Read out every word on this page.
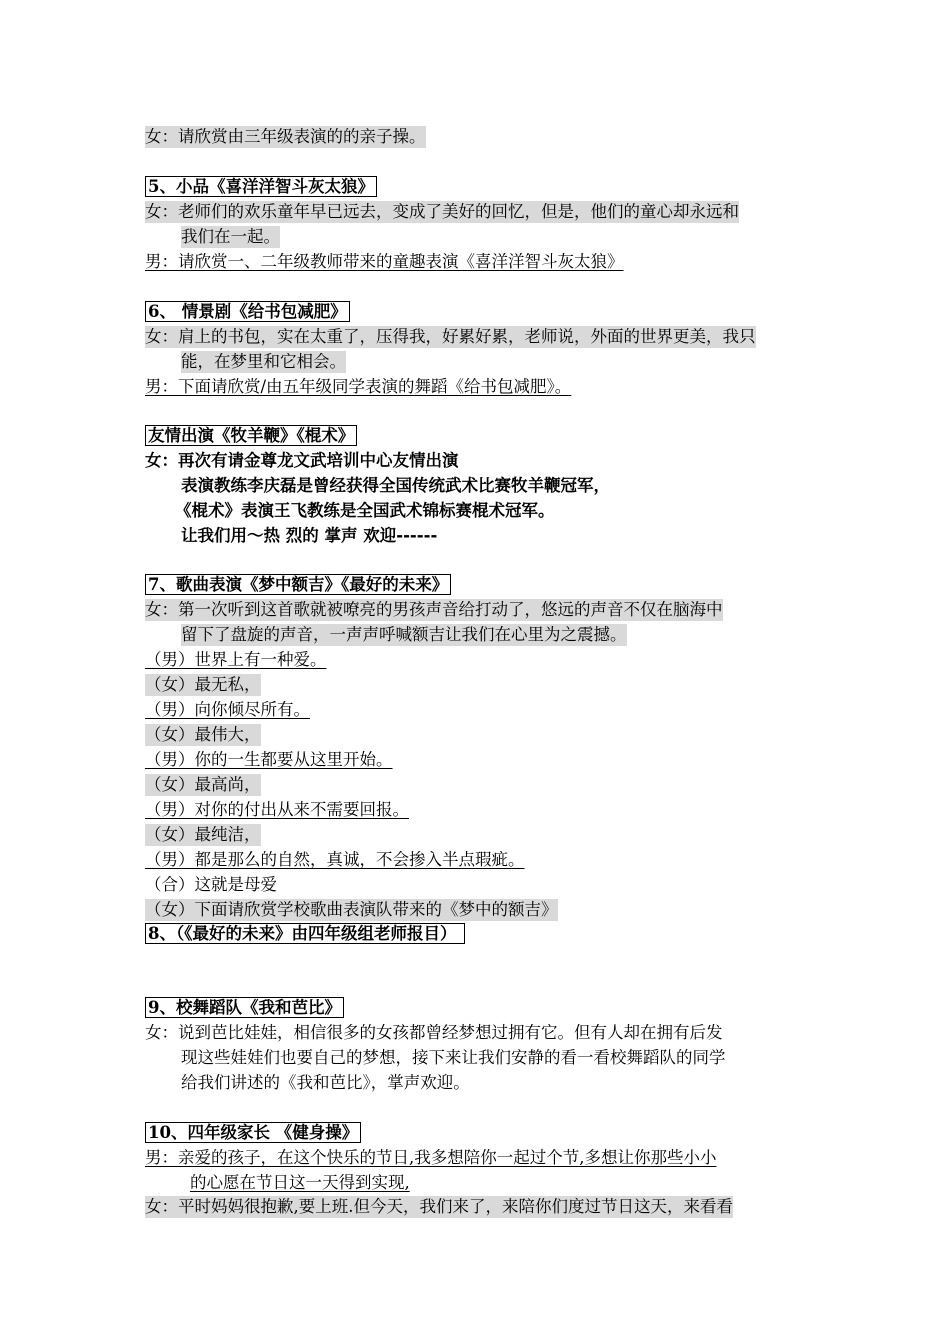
女：请欣赏由三年级表演的的亲子操。
5、小品《喜洋洋智斗灰太狼》
女：老师们的欢乐童年早已远去，变成了美好的回忆，但是，他们的童心却永远和
我们在一起。
男：请欣赏一、二年级教师带来的童趣表演《喜洋洋智斗灰太狼》
6、 情景剧《给书包减肥》
女：肩上的书包，实在太重了，压得我，好累好累，老师说，外面的世界更美，我只
能，在梦里和它相会。
男：下面请欣赏/由五年级同学表演的舞蹈《给书包减肥》。
友情出演《牧羊鞭》《棍术》
女：再次有请金尊龙文武培训中心友情出演
表演教练李庆磊是曾经获得全国传统武术比赛牧羊鞭冠军，
《棍术》表演王飞教练是全国武术锦标赛棍术冠军。
让我们用～热 烈的 掌声 欢迎------
7、歌曲表演《梦中额吉》《最好的未来》
女：第一次听到这首歌就被嘹亮的男孩声音给打动了，悠远的声音不仅在脑海中
留下了盘旋的声音，一声声呼喊额吉让我们在心里为之震撼。
（男）世界上有一种爱。
（女）最无私，
（男）向你倾尽所有。
（女）最伟大，
（男）你的一生都要从这里开始。
（女）最高尚，
（男）对你的付出从来不需要回报。
（女）最纯洁，
（男）都是那么的自然，真诚，不会掺入半点瑕疵。
（合）这就是母爱
（女）下面请欣赏学校歌曲表演队带来的《梦中的额吉》
8、（《最好的未来》由四年级组老师报目）
9、校舞蹈队《我和芭比》
女：说到芭比娃娃，相信很多的女孩都曾经梦想过拥有它。但有人却在拥有后发
现这些娃娃们也要自己的梦想，接下来让我们安静的看一看校舞蹈队的同学
给我们讲述的《我和芭比》，掌声欢迎。
10、四年级家长 《健身操》
男：亲爱的孩子，在这个快乐的节日,我多想陪你一起过个节,多想让你那些小小
的心愿在节日这一天得到实现,
女：平时妈妈很抱歉,要上班.但今天，我们来了，来陪你们度过节日这天，来看看
